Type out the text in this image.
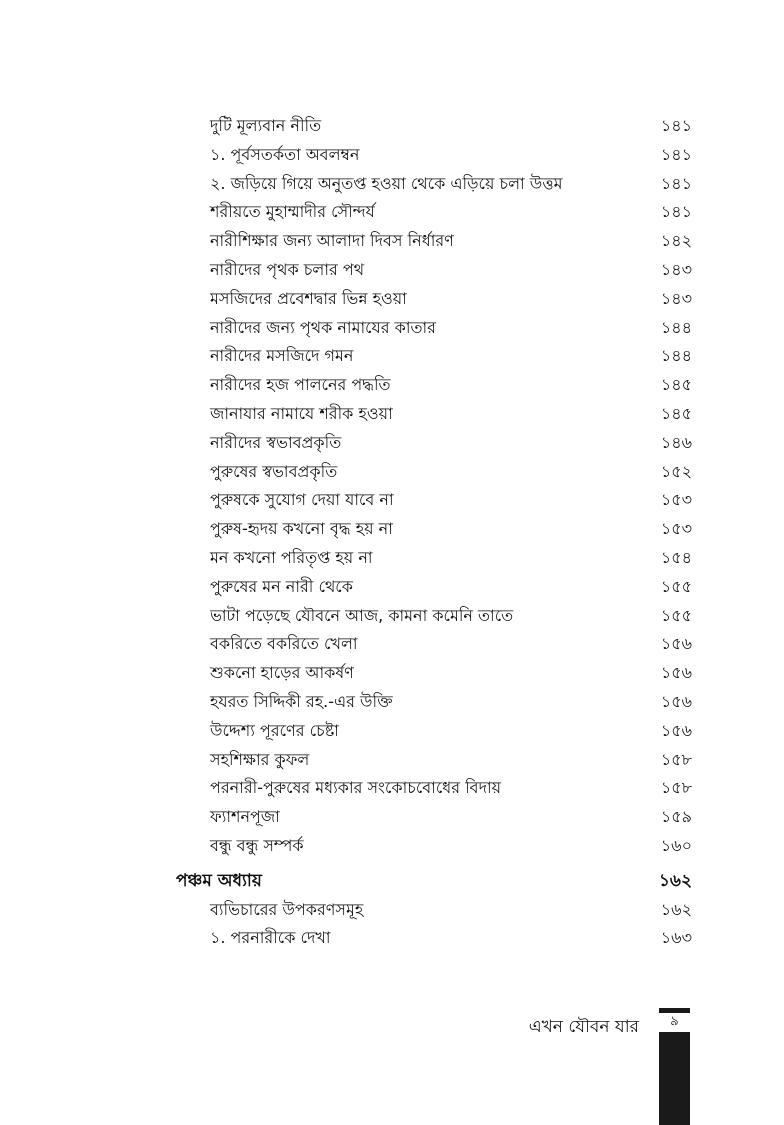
দুটি মূল্যবান নীতি	১৪১
১. পূর্বসতর্কতা অবলম্বন	১৪১
২. জড়িয়ে গিয়ে অনুতপ্ত হওয়া থেকে এড়িয়ে চলা উত্তম	১৪১
শরীয়তে মুহাম্মাদীর সৌন্দর্য	১৪১
নারীশিক্ষার জন্য আলাদা দিবস নির্ধারণ	১৪২
নারীদের পৃথক চলার পথ	১৪৩
মসজিদের প্রবেশদ্বার ভিন্ন হওয়া	১৪৩
নারীদের জন্য পৃথক নামাযের কাতার	১৪৪
নারীদের মসজিদে গমন	১৪৪
নারীদের হজ পালনের পদ্ধতি	১৪৫
জানাযার নামাযে শরীক হওয়া	১৪৫
নারীদের স্বভাবপ্রকৃতি	১৪৬
পুরুষের স্বভাবপ্রকৃতি	১৫২
পুরুষকে সুযোগ দেয়া যাবে না	১৫৩
পুরুষ-হৃদয় কখনো বৃদ্ধ হয় না	১৫৩
মন কখনো পরিতৃপ্ত হয় না	১৫৪
পুরুষের মন নারী থেকে	১৫৫
ভাটা পড়েছে যৌবনে আজ, কামনা কমেনি তাতে	১৫৫
বকরিতে বকরিতে খেলা	১৫৬
শুকনো হাড়ের আকর্ষণ	১৫৬
হযরত সিদ্দিকী রহ.-এর উক্তি	১৫৬
উদ্দেশ্য পূরণের চেষ্টা	১৫৬
সহশিক্ষার কুফল	১৫৮
পরনারী-পুরুষের মধ্যকার সংকোচবোধের বিদায়	১৫৮
ফ্যাশনপূজা	১৫৯
বন্ধু বন্ধু সম্পর্ক	১৬০
পঞ্চম অধ্যায়	১৬২
ব্যভিচারের উপকরণসমূহ	১৬২
১. পরনারীকে দেখা	১৬৩
এখন যৌবন যার	৯
